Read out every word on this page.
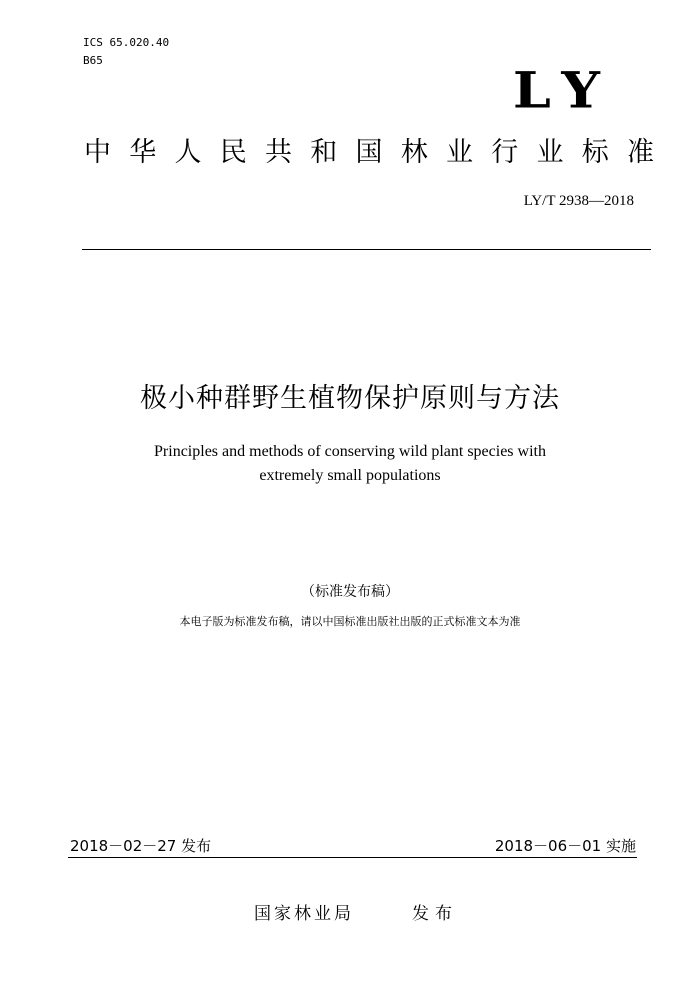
ICS 65.020.40
B65
LY
中华人民共和国林业行业标准
LY/T 2938—2018
极小种群野生植物保护原则与方法
Principles and methods of conserving wild plant species with
extremely small populations
（标准发布稿）
本电子版为标准发布稿，请以中国标准出版社出版的正式标准文本为准
2018－02－27 发布	2018－06－01 实施
国家林业局	发布
